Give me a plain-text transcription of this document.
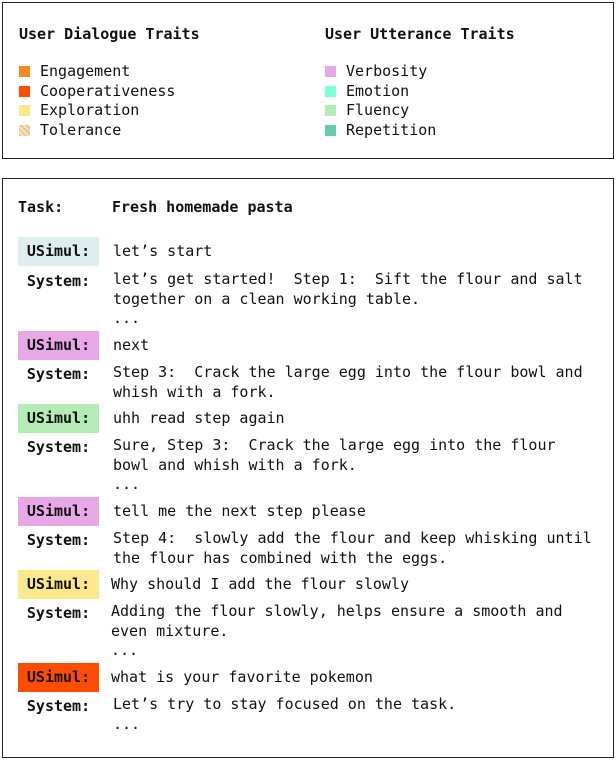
User Dialogue Traits
Engagement
Cooperativeness
Exploration
Tolerance
User Utterance Traits
Verbosity
Emotion
Fluency
Repetition
Task:	Fresh homemade pasta
USimul:	let’s start
System:	let’s get started!  Step 1:  Sift the flour and salt
together on a clean working table.
...
USimul:	next
System:	Step 3:  Crack the large egg into the flour bowl and
whish with a fork.
USimul:	uhh read step again
System:	Sure, Step 3:  Crack the large egg into the flour
bowl and whish with a fork.
...
USimul:	tell me the next step please
System:	Step 4:  slowly add the flour and keep whisking until
the flour has combined with the eggs.
USimul:	Why should I add the flour slowly
System:	Adding the flour slowly, helps ensure a smooth and
even mixture.
...
USimul:	what is your favorite pokemon
System:	Let’s try to stay focused on the task.
...
